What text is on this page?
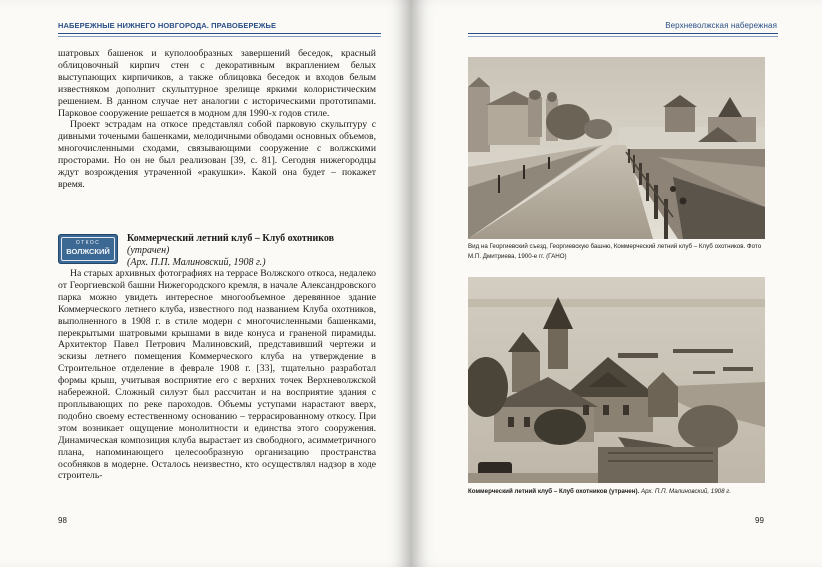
НАБЕРЕЖНЫЕ НИЖНЕГО НОВГОРОДА. ПРАВОБЕРЕЖЬЕ

шатровых башенок и куполообразных завершений беседок, красный облицовочный кирпич стен с декоративным вкраплением белых выступающих кирпичиков, а также облицовка беседок и входов белым известняком дополнит скульптурное зрелище яркими колористическим решением. В данном случае нет аналогии с историческими прототипами. Парковое сооружение решается в модном для 1990-х годов стиле.

Проект эстрадам на откосе представлял собой парковую скульптуру с дивными точеными башенками, мелодичными обводами основных объемов, многочисленными сходами, связывающими сооружение с волжскими просторами. Но он не был реализован [39, с. 81]. Сегодня нижегородцы ждут возрождения утраченной «ракушки». Какой она будет – покажет время.

ОТКОС
ВОЛЖСКИЙ
Коммерческий летний клуб – Клуб охотников
(утрачен)
(Арх. П.П. Малиновский, 1908 г.)

На старых архивных фотографиях на террасе Волжского откоса, недалеко от Георгиевской башни Нижегородского кремля, в начале Александровского парка можно увидеть интересное многообъемное деревянное здание Коммерческого летнего клуба, известного под названием Клуба охотников, выполненного в 1908 г. в стиле модерн с многочисленными башенками, перекрытыми шатровыми крышами в виде конуса и граненой пирамиды. Архитектор Павел Петрович Малиновский, представивший чертежи и эскизы летнего помещения Коммерческого клуба на утверждение в Строительное отделение в феврале 1908 г. [33], тщательно разработал формы крыш, учитывая восприятие его с верхних точек Верхневолжской набережной. Сложный силуэт был рассчитан и на восприятие здания с проплывающих по реке пароходов. Объемы уступами нарастают вверх, подобно своему естественному основанию – террасированному откосу. При этом возникает ощущение монолитности и единства этого сооружения. Динамическая композиция клуба вырастает из свободного, асимметричного плана, напоминающего целесообразную организацию пространства особняков в модерне. Осталось неизвестно, кто осуществлял надзор в ходе строитель-

98
Верхневолжская набережная
Вид на Георгиевский съезд, Георгиевскую башню, Коммерческий летний клуб – Клуб охотников. Фото М.П. Дмитриева, 1900-е гг. (ГАНО)
Коммерческий летний клуб – Клуб охотников (утрачен). Арх. П.П. Малиновский, 1908 г.
99
